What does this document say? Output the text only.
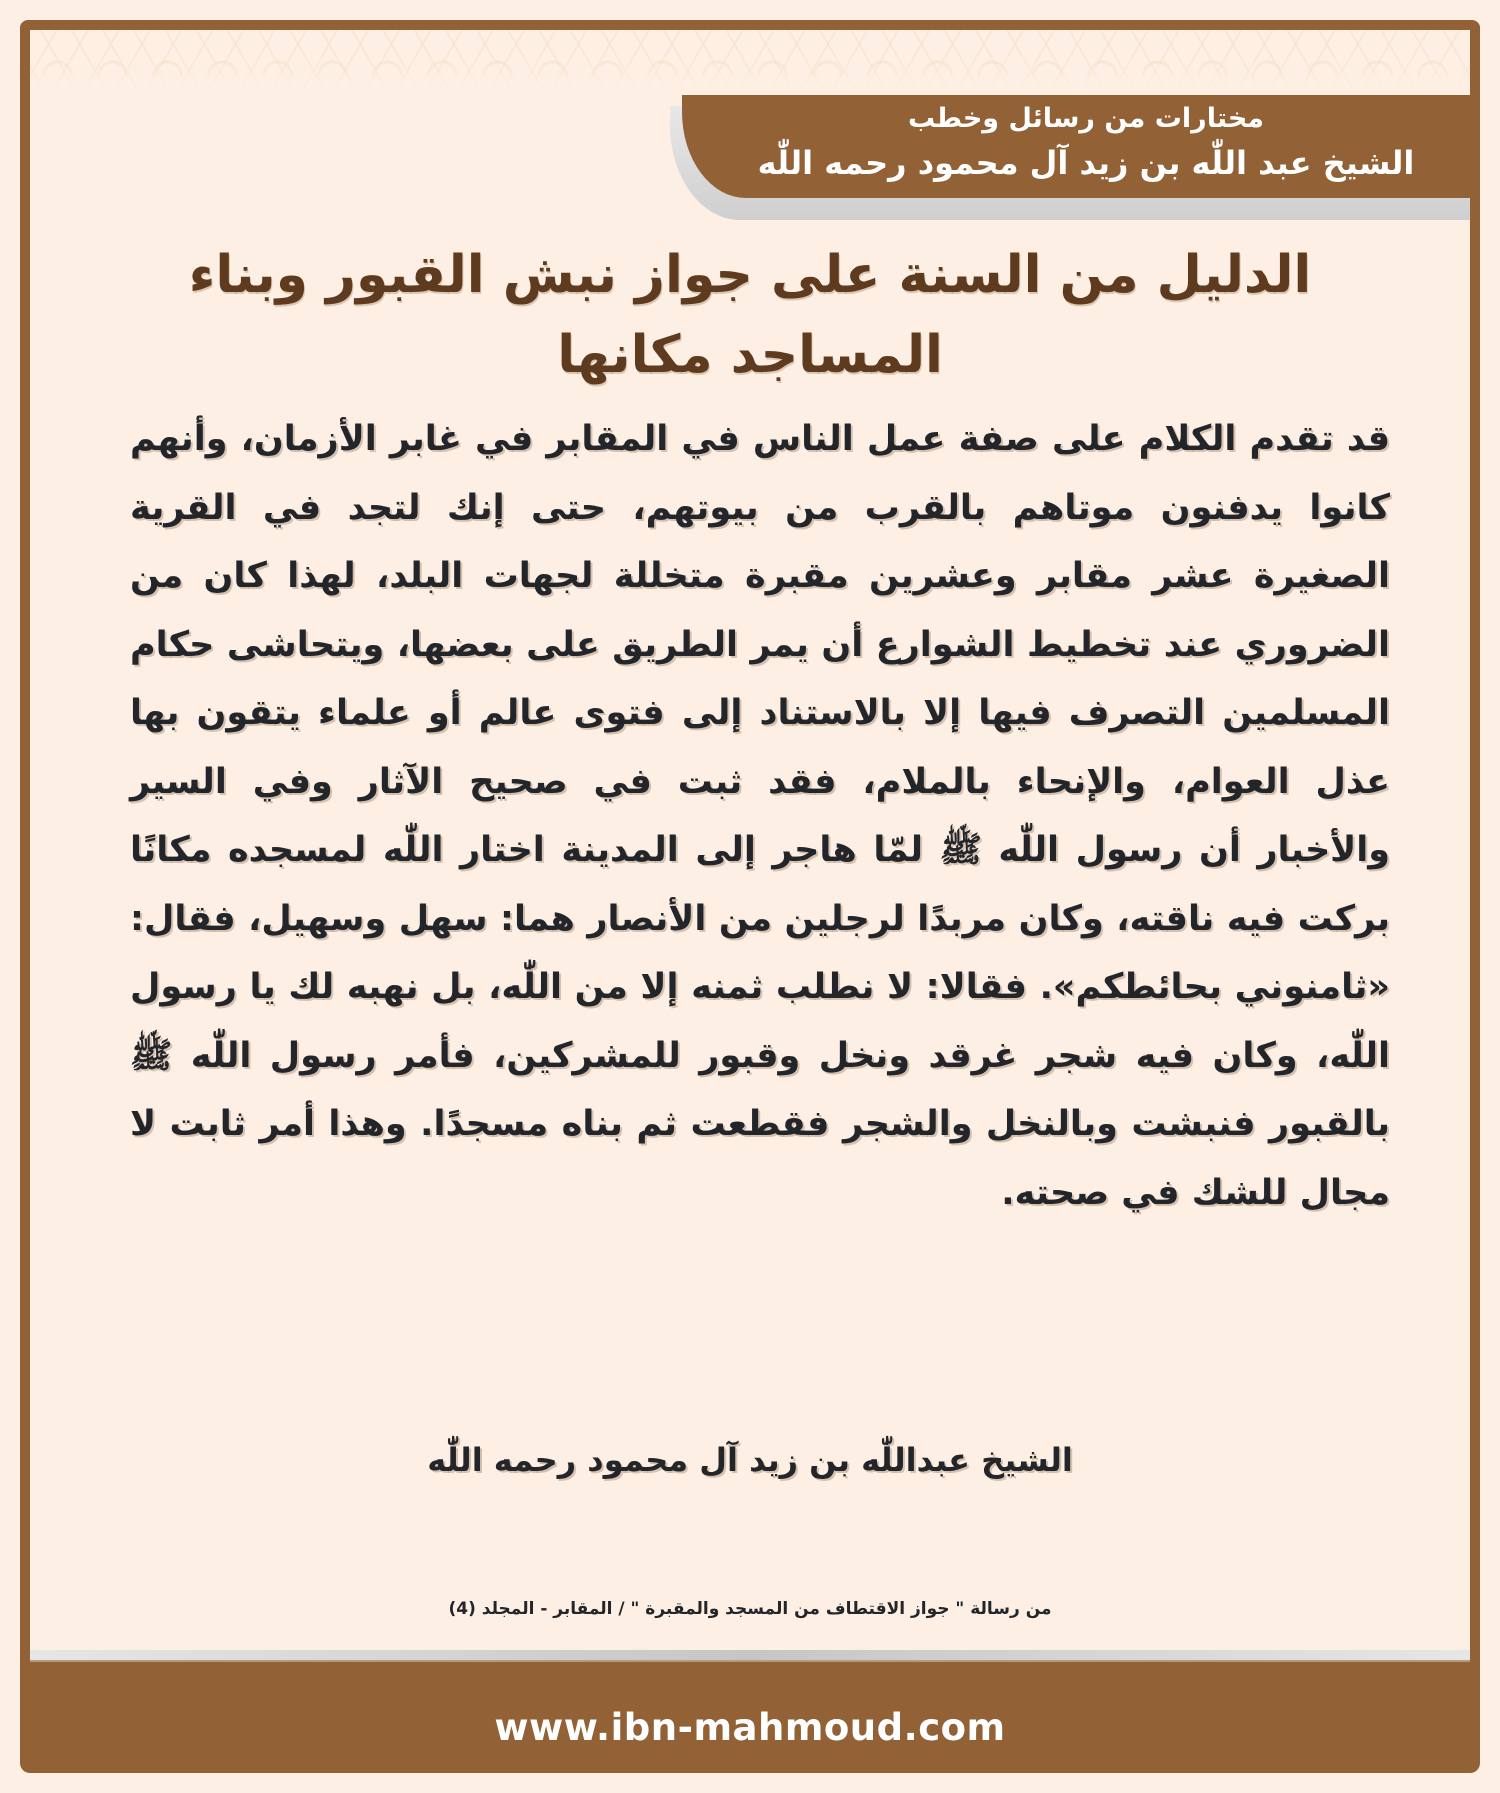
مختارات من رسائل وخطب
الشيخ عبد اللّٰه بن زيد آل محمود رحمه اللّٰه
الدليل من السنة على جواز نبش القبور وبناء المساجد مكانها

قد تقدم الكلام على صفة عمل الناس في المقابر في غابر الأزمان، وأنهم كانوا يدفنون موتاهم بالقرب من بيوتهم، حتى إنك لتجد في القرية الصغيرة عشر مقابر وعشرين مقبرة متخللة لجهات البلد، لهذا كان من الضروري عند تخطيط الشوارع أن يمر الطريق على بعضها، ويتحاشى حكام المسلمين التصرف فيها إلا بالاستناد إلى فتوى عالم أو علماء يتقون بها عذل العوام، والإنحاء بالملام، فقد ثبت في صحيح الآثار وفي السير والأخبار أن رسول اللّٰه ﷺ لمّا هاجر إلى المدينة اختار اللّٰه لمسجده مكانًا بركت فيه ناقته، وكان مربدًا لرجلين من الأنصار هما: سهل وسهيل، فقال: «ثامنوني بحائطكم». فقالا: لا نطلب ثمنه إلا من اللّٰه، بل نهبه لك يا رسول اللّٰه، وكان فيه شجر غرقد ونخل وقبور للمشركين، فأمر رسول اللّٰه ﷺ بالقبور فنبشت وبالنخل والشجر فقطعت ثم بناه مسجدًا. وهذا أمر ثابت لا مجال للشك في صحته.

الشيخ عبداللّٰه بن زيد آل محمود رحمه اللّٰه
من رسالة " جواز الاقتطاف من المسجد والمقبرة " / المقابر - المجلد (4)
www.ibn-mahmoud.com
